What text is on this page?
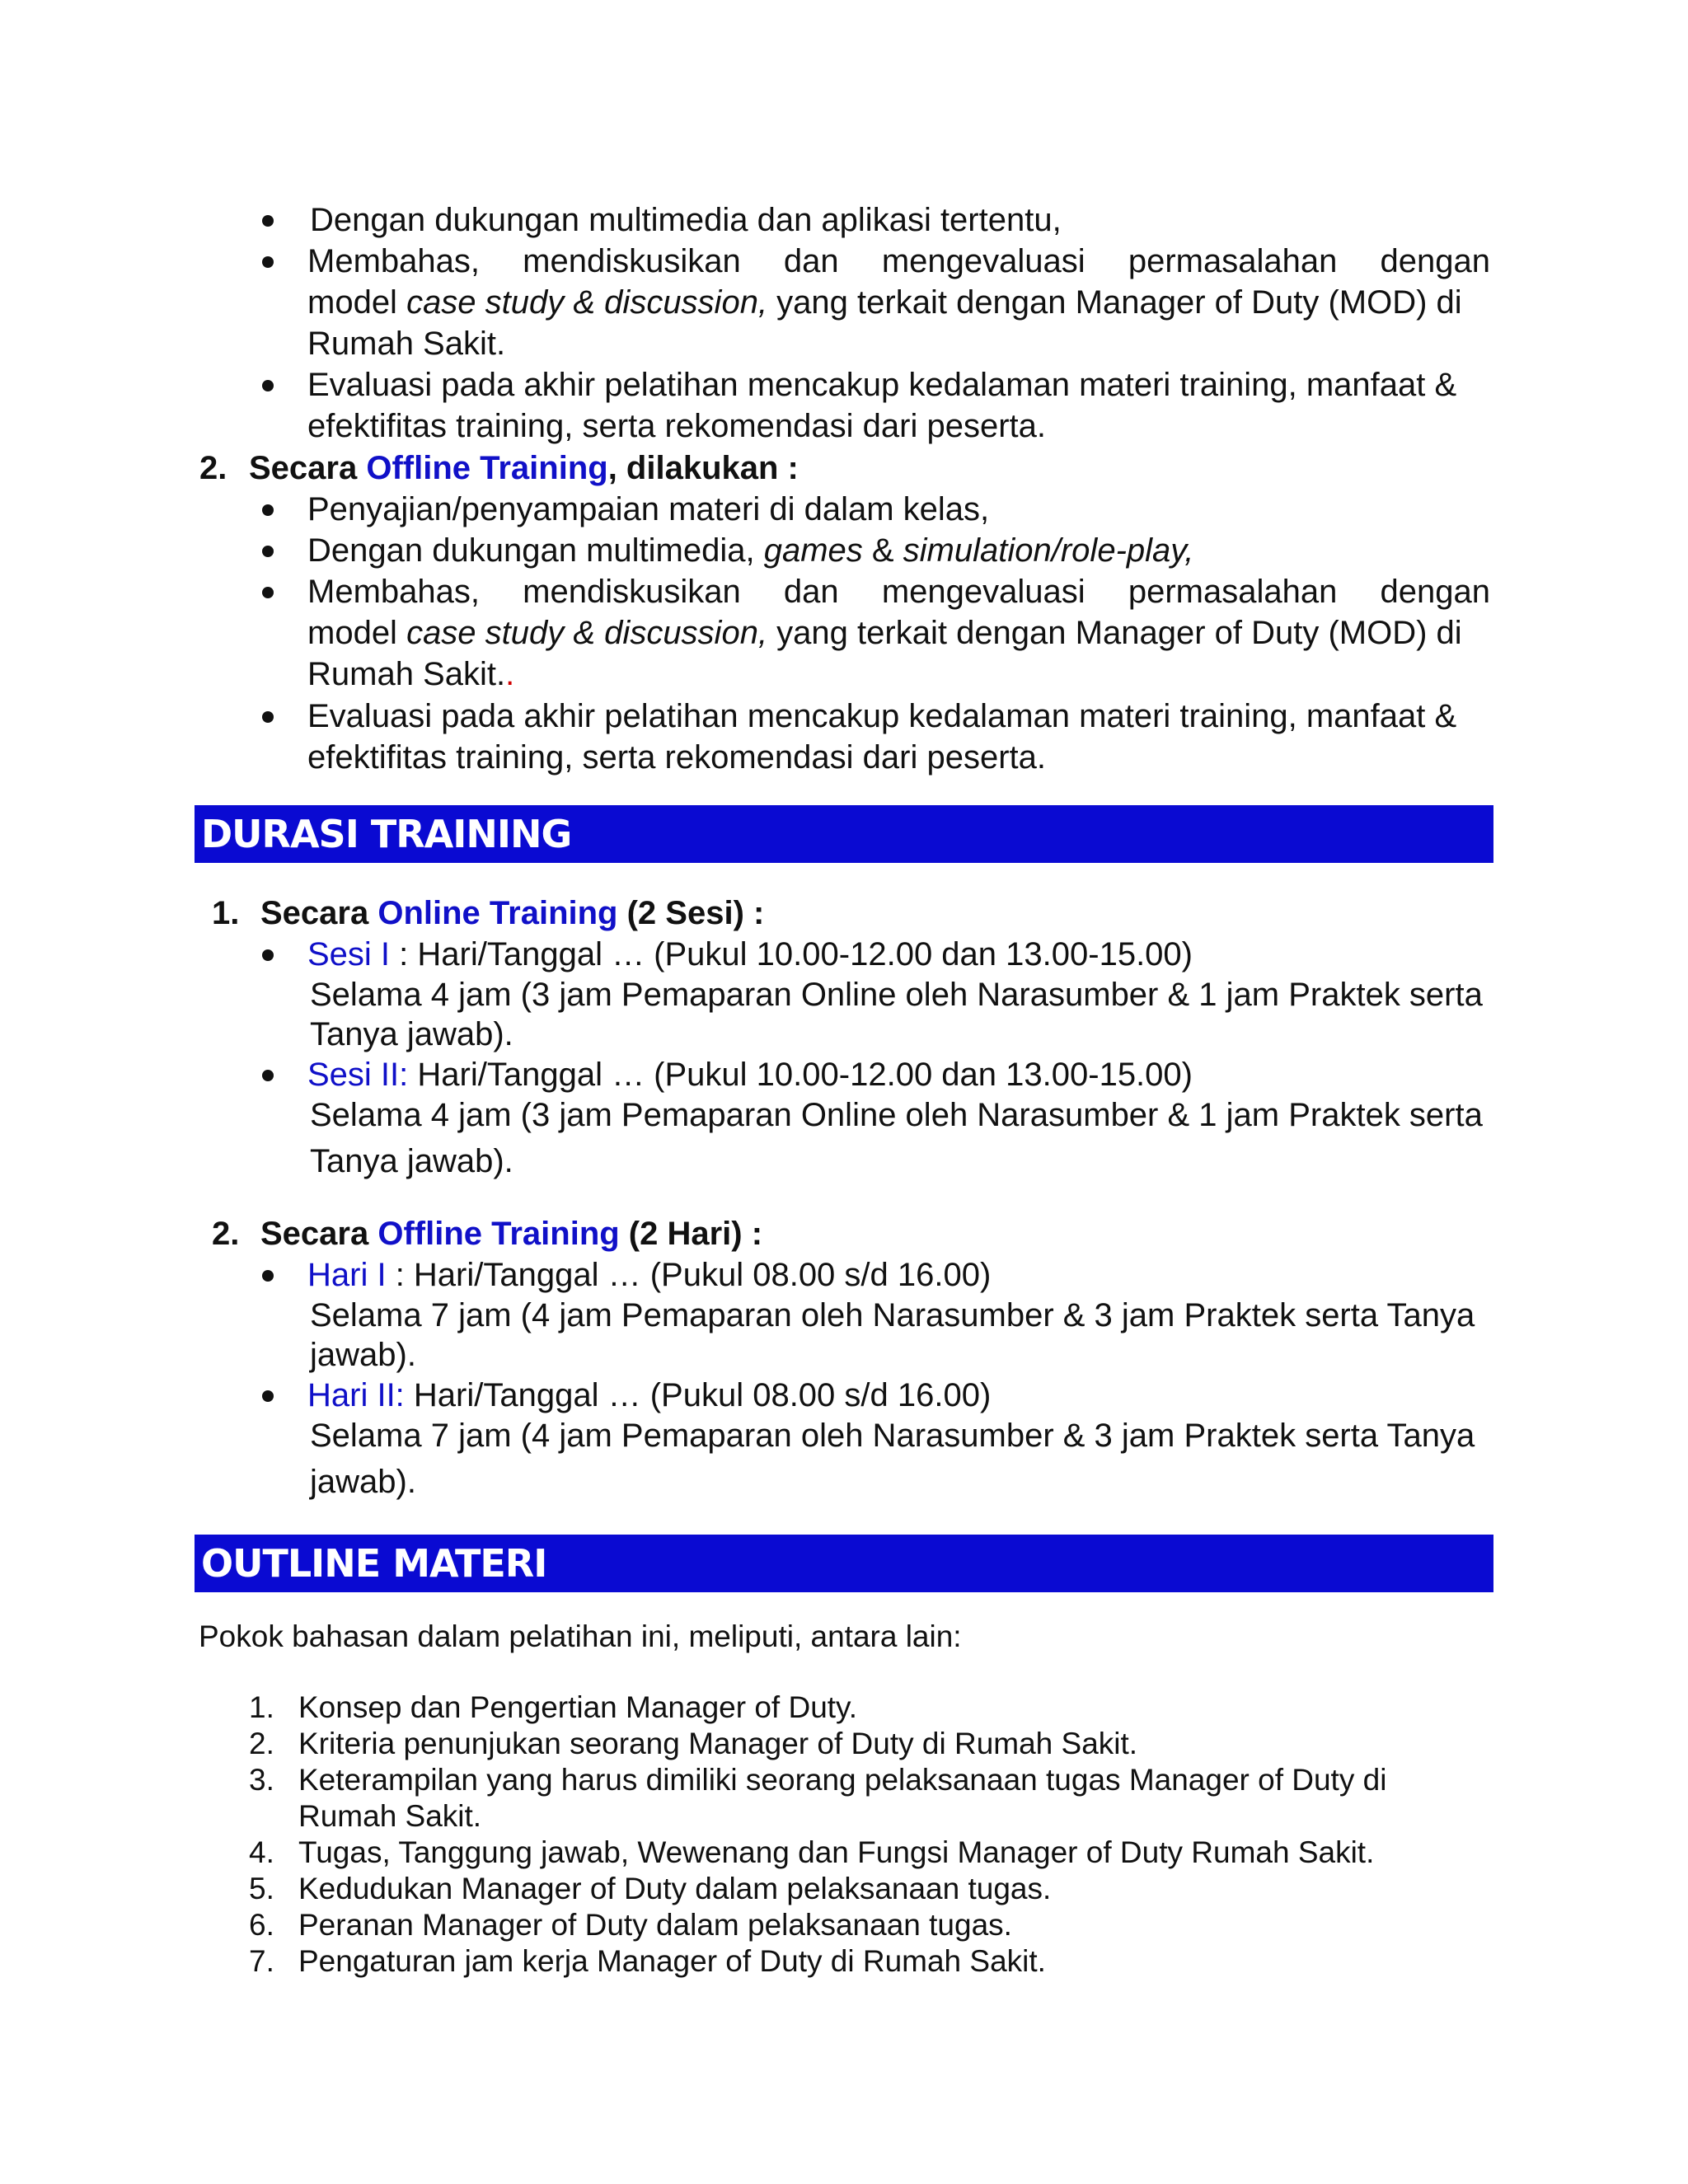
Dengan dukungan multimedia dan aplikasi tertentu,
Membahas, mendiskusikan dan mengevaluasi permasalahan dengan
model case study & discussion, yang terkait dengan Manager of Duty (MOD) di
Rumah Sakit.
Evaluasi pada akhir pelatihan mencakup kedalaman materi training, manfaat &
efektifitas training, serta rekomendasi dari peserta.
2. Secara Offline Training, dilakukan :
Penyajian/penyampaian materi di dalam kelas,
Dengan dukungan multimedia, games & simulation/role-play,
Membahas, mendiskusikan dan mengevaluasi permasalahan dengan
model case study & discussion, yang terkait dengan Manager of Duty (MOD) di
Rumah Sakit..
Evaluasi pada akhir pelatihan mencakup kedalaman materi training, manfaat &
efektifitas training, serta rekomendasi dari peserta.
DURASI TRAINING
1. Secara Online Training (2 Sesi) :
Sesi I : Hari/Tanggal … (Pukul 10.00-12.00 dan 13.00-15.00)
Selama 4 jam (3 jam Pemaparan Online oleh Narasumber & 1 jam Praktek serta
Tanya jawab).
Sesi II: Hari/Tanggal … (Pukul 10.00-12.00 dan 13.00-15.00)
Selama 4 jam (3 jam Pemaparan Online oleh Narasumber & 1 jam Praktek serta
Tanya jawab).
2. Secara Offline Training (2 Hari) :
Hari I : Hari/Tanggal … (Pukul 08.00 s/d 16.00)
Selama 7 jam (4 jam Pemaparan oleh Narasumber & 3 jam Praktek serta Tanya
jawab).
Hari II: Hari/Tanggal … (Pukul 08.00 s/d 16.00)
Selama 7 jam (4 jam Pemaparan oleh Narasumber & 3 jam Praktek serta Tanya
jawab).
OUTLINE MATERI
Pokok bahasan dalam pelatihan ini, meliputi, antara lain:
1. Konsep dan Pengertian Manager of Duty.
2. Kriteria penunjukan seorang Manager of Duty di Rumah Sakit.
3. Keterampilan yang harus dimiliki seorang pelaksanaan tugas Manager of Duty di
Rumah Sakit.
4. Tugas, Tanggung jawab, Wewenang dan Fungsi Manager of Duty Rumah Sakit.
5. Kedudukan Manager of Duty dalam pelaksanaan tugas.
6. Peranan Manager of Duty dalam pelaksanaan tugas.
7. Pengaturan jam kerja Manager of Duty di Rumah Sakit.
